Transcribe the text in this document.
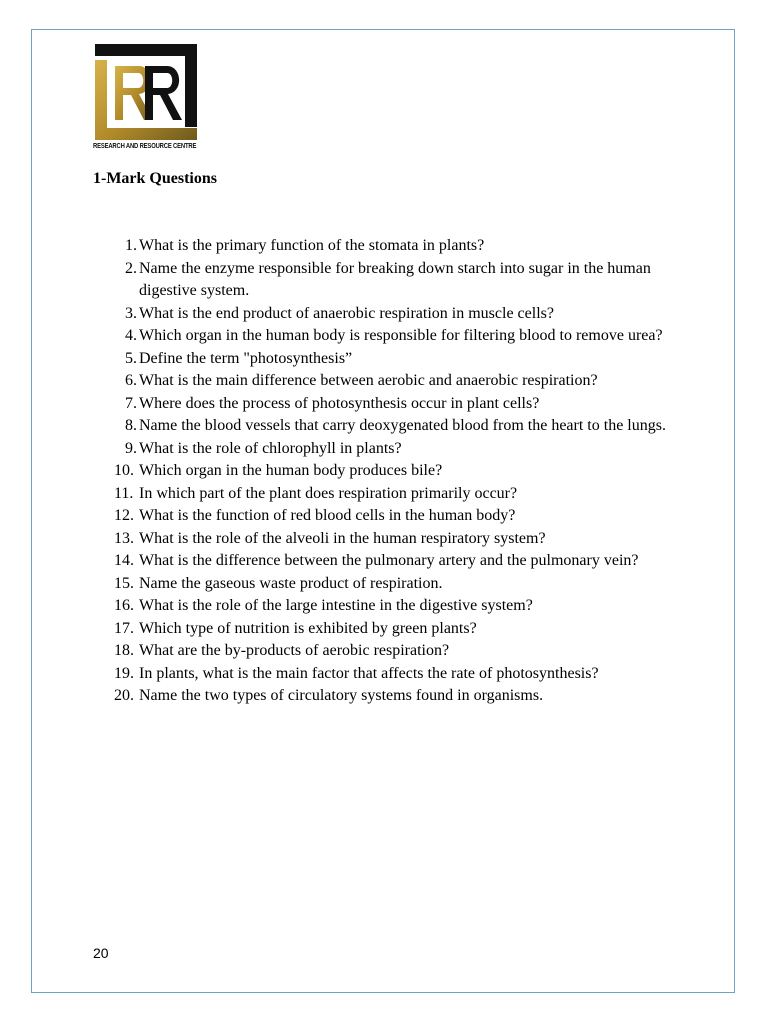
RESEARCH AND RESOURCE CENTRE
1-Mark Questions
1. What is the primary function of the stomata in plants?
2. Name the enzyme responsible for breaking down starch into sugar in the human digestive system.
3. What is the end product of anaerobic respiration in muscle cells?
4. Which organ in the human body is responsible for filtering blood to remove urea?
5. Define the term "photosynthesis”
6. What is the main difference between aerobic and anaerobic respiration?
7. Where does the process of photosynthesis occur in plant cells?
8. Name the blood vessels that carry deoxygenated blood from the heart to the lungs.
9. What is the role of chlorophyll in plants?
10. Which organ in the human body produces bile?
11. In which part of the plant does respiration primarily occur?
12. What is the function of red blood cells in the human body?
13. What is the role of the alveoli in the human respiratory system?
14. What is the difference between the pulmonary artery and the pulmonary vein?
15. Name the gaseous waste product of respiration.
16. What is the role of the large intestine in the digestive system?
17. Which type of nutrition is exhibited by green plants?
18. What are the by-products of aerobic respiration?
19. In plants, what is the main factor that affects the rate of photosynthesis?
20. Name the two types of circulatory systems found in organisms.
20
